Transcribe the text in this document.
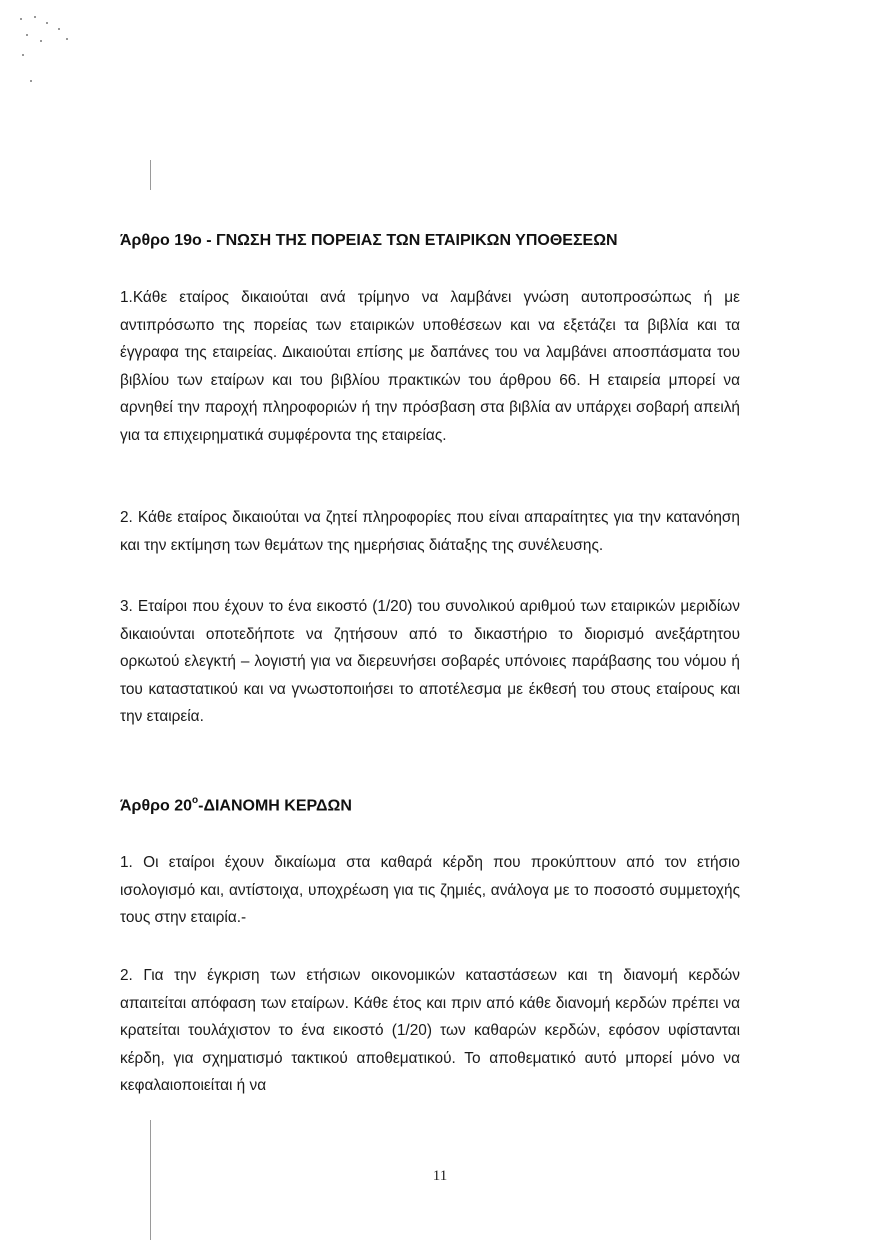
Άρθρο 19ο - ΓΝΩΣΗ ΤΗΣ ΠΟΡΕΙΑΣ ΤΩΝ ΕΤΑΙΡΙΚΩΝ ΥΠΟΘΕΣΕΩΝ
1.Κάθε εταίρος δικαιούται ανά τρίμηνο να λαμβάνει γνώση αυτοπροσώπως ή με αντιπρόσωπο της πορείας των εταιρικών υποθέσεων και να εξετάζει τα βιβλία και τα έγγραφα της εταιρείας. Δικαιούται επίσης με δαπάνες του να λαμβάνει αποσπάσματα του βιβλίου των εταίρων και του βιβλίου πρακτικών του άρθρου 66. Η εταιρεία μπορεί να αρνηθεί την παροχή πληροφοριών ή την πρόσβαση στα βιβλία αν υπάρχει σοβαρή απειλή για τα επιχειρηματικά συμφέροντα της εταιρείας.
2. Κάθε εταίρος δικαιούται να ζητεί πληροφορίες που είναι απαραίτητες για την κατανόηση και την εκτίμηση των θεμάτων της ημερήσιας διάταξης της συνέλευσης.
3. Εταίροι που έχουν το ένα εικοστό (1/20) του συνολικού αριθμού των εταιρικών μεριδίων δικαιούνται οποτεδήποτε να ζητήσουν από το δικαστήριο το διορισμό ανεξάρτητου ορκωτού ελεγκτή – λογιστή για να διερευνήσει σοβαρές υπόνοιες παράβασης του νόμου ή του καταστατικού και να γνωστοποιήσει το αποτέλεσμα με έκθεσή του στους εταίρους και την εταιρεία.
Άρθρο $20^o$-ΔΙΑΝΟΜΗ ΚΕΡΔΩΝ
1. Οι εταίροι έχουν δικαίωμα στα καθαρά κέρδη που προκύπτουν από τον ετήσιο ισολογισμό και, αντίστοιχα, υποχρέωση για τις ζημιές, ανάλογα με το ποσοστό συμμετοχής τους στην εταιρία.-
2. Για την έγκριση των ετήσιων οικονομικών καταστάσεων και τη διανομή κερδών απαιτείται απόφαση των εταίρων. Κάθε έτος και πριν από κάθε διανομή κερδών πρέπει να κρατείται τουλάχιστον το ένα εικοστό (1/20) των καθαρών κερδών, εφόσον υφίστανται κέρδη, για σχηματισμό τακτικού αποθεματικού. Το αποθεματικό αυτό μπορεί μόνο να κεφαλαιοποιείται ή να
11
